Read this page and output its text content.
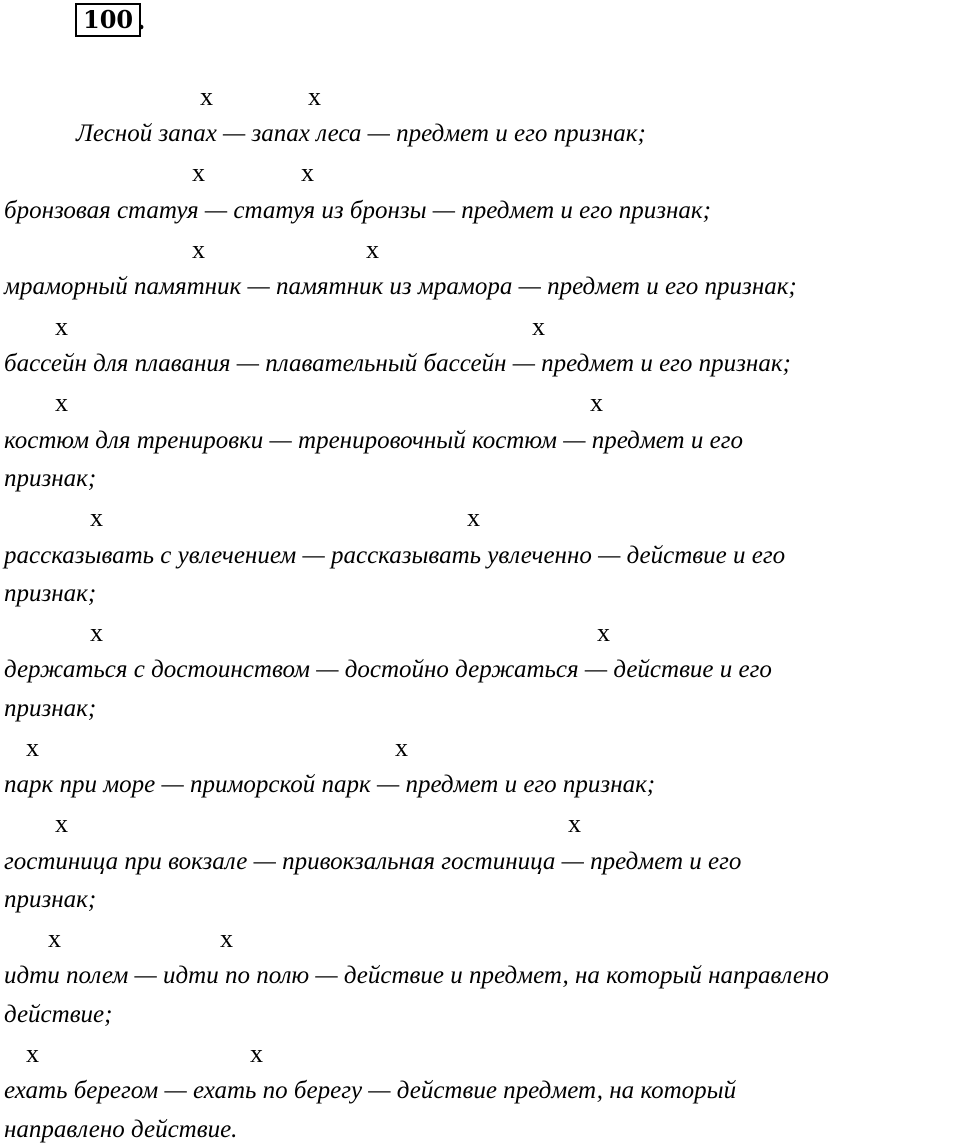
100 .
x	x
Лесной запах — запах леса — предмет и его признак;
x	x
бронзовая статуя — статуя из бронзы — предмет и его признак;
x	x
мраморный памятник — памятник из мрамора — предмет и его признак;
x	x
бассейн для плавания — плавательный бассейн — предмет и его признак;
x	x
костюм для тренировки — тренировочный костюм — предмет и его
признак;
x	x
рассказывать с увлечением — рассказывать увлеченно — действие и его
признак;
x	x
держаться с достоинством — достойно держаться — действие и его
признак;
x	x
парк при море — приморской парк — предмет и его признак;
x	x
гостиница при вокзале — привокзальная гостиница — предмет и его
признак;
x	x
идти полем — идти по полю — действие и предмет, на который направлено
действие;
x	x
ехать берегом — ехать по берегу — действие предмет, на который
направлено действие.
